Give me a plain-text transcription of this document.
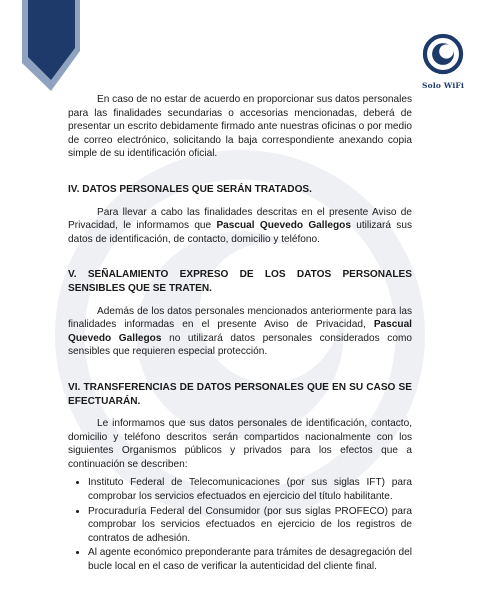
Solo WiFi

En caso de no estar de acuerdo en proporcionar sus datos personales para las finalidades secundarias o accesorias mencionadas, deberá de presentar un escrito debidamente firmado ante nuestras oficinas o por medio de correo electrónico, solicitando la baja correspondiente anexando copia simple de su identificación oficial.

IV. DATOS PERSONALES QUE SERÁN TRATADOS.

Para llevar a cabo las finalidades descritas en el presente Aviso de Privacidad, le informamos que Pascual Quevedo Gallegos utilizará sus datos de identificación, de contacto, domicilio y teléfono.

V. SEÑALAMIENTO EXPRESO DE LOS DATOS PERSONALES SENSIBLES QUE SE TRATEN.

Además de los datos personales mencionados anteriormente para las finalidades informadas en el presente Aviso de Privacidad, Pascual Quevedo Gallegos no utilizará datos personales considerados como sensibles que requieren especial protección.

VI. TRANSFERENCIAS DE DATOS PERSONALES QUE EN SU CASO SE EFECTUARÁN.

Le informamos que sus datos personales de identificación, contacto, domicilio y teléfono descritos serán compartidos nacionalmente con los siguientes Organismos públicos y privados para los efectos que a continuación se describen:

• Instituto Federal de Telecomunicaciones (por sus siglas IFT) para comprobar los servicios efectuados en ejercicio del título habilitante.
• Procuraduría Federal del Consumidor (por sus siglas PROFECO) para comprobar los servicios efectuados en ejercicio de los registros de contratos de adhesión.
• Al agente económico preponderante para trámites de desagregación del bucle local en el caso de verificar la autenticidad del cliente final.
